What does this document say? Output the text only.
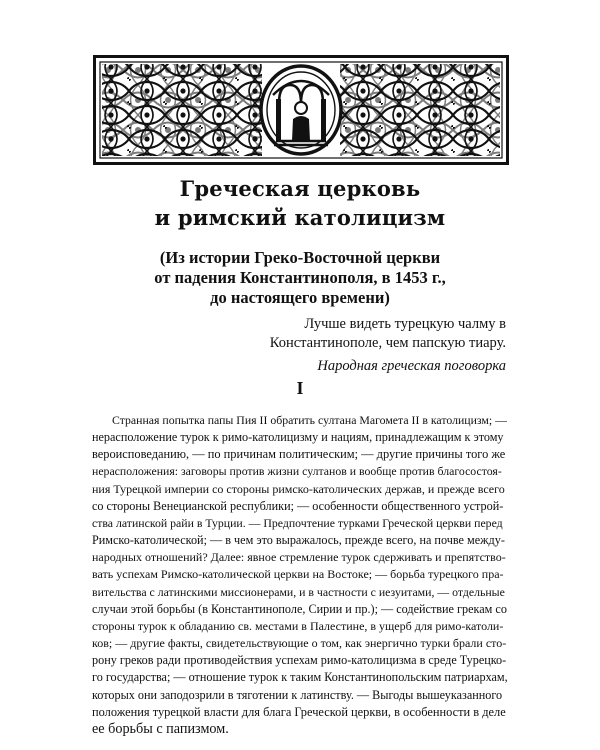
Греческая церковь
и римский католицизм
(Из истории Греко-Восточной церкви
от падения Константинополя, в 1453 г.,
до настоящего времени)
Лучше видеть турецкую чалму в
Константинополе, чем папскую тиару.
Народная греческая поговорка
I
Странная попытка папы Пия II обратить султана Магомета II в католицизм; —
нерасположение турок к римо-католицизму и нациям, принадлежащим к этому
вероисповеданию, — по причинам политическим; — другие причины того же
нерасположения: заговоры против жизни султанов и вообще против благосостоя-
ния Турецкой империи со стороны римско-католических держав, и прежде всего
со стороны Венецианской республики; — особенности общественного устрой-
ства латинской райи в Турции. — Предпочтение турками Греческой церкви перед
Римско-католической; — в чем это выражалось, прежде всего, на почве между-
народных отношений? Далее: явное стремление турок сдерживать и препятство-
вать успехам Римско-католической церкви на Востоке; — борьба турецкого пра-
вительства с латинскими миссионерами, и в частности с иезуитами, — отдельные
случаи этой борьбы (в Константинополе, Сирии и пр.); — содействие грекам со
стороны турок к обладанию св. местами в Палестине, в ущерб для римо-католи-
ков; — другие факты, свидетельствующие о том, как энергично турки брали сто-
рону греков ради противодействия успехам римо-католицизма в среде Турецко-
го государства; — отношение турок к таким Константинопольским патриархам,
которых они заподозрили в тяготении к латинству. — Выгоды вышеуказанного
положения турецкой власти для блага Греческой церкви, в особенности в деле
ее борьбы с папизмом.
